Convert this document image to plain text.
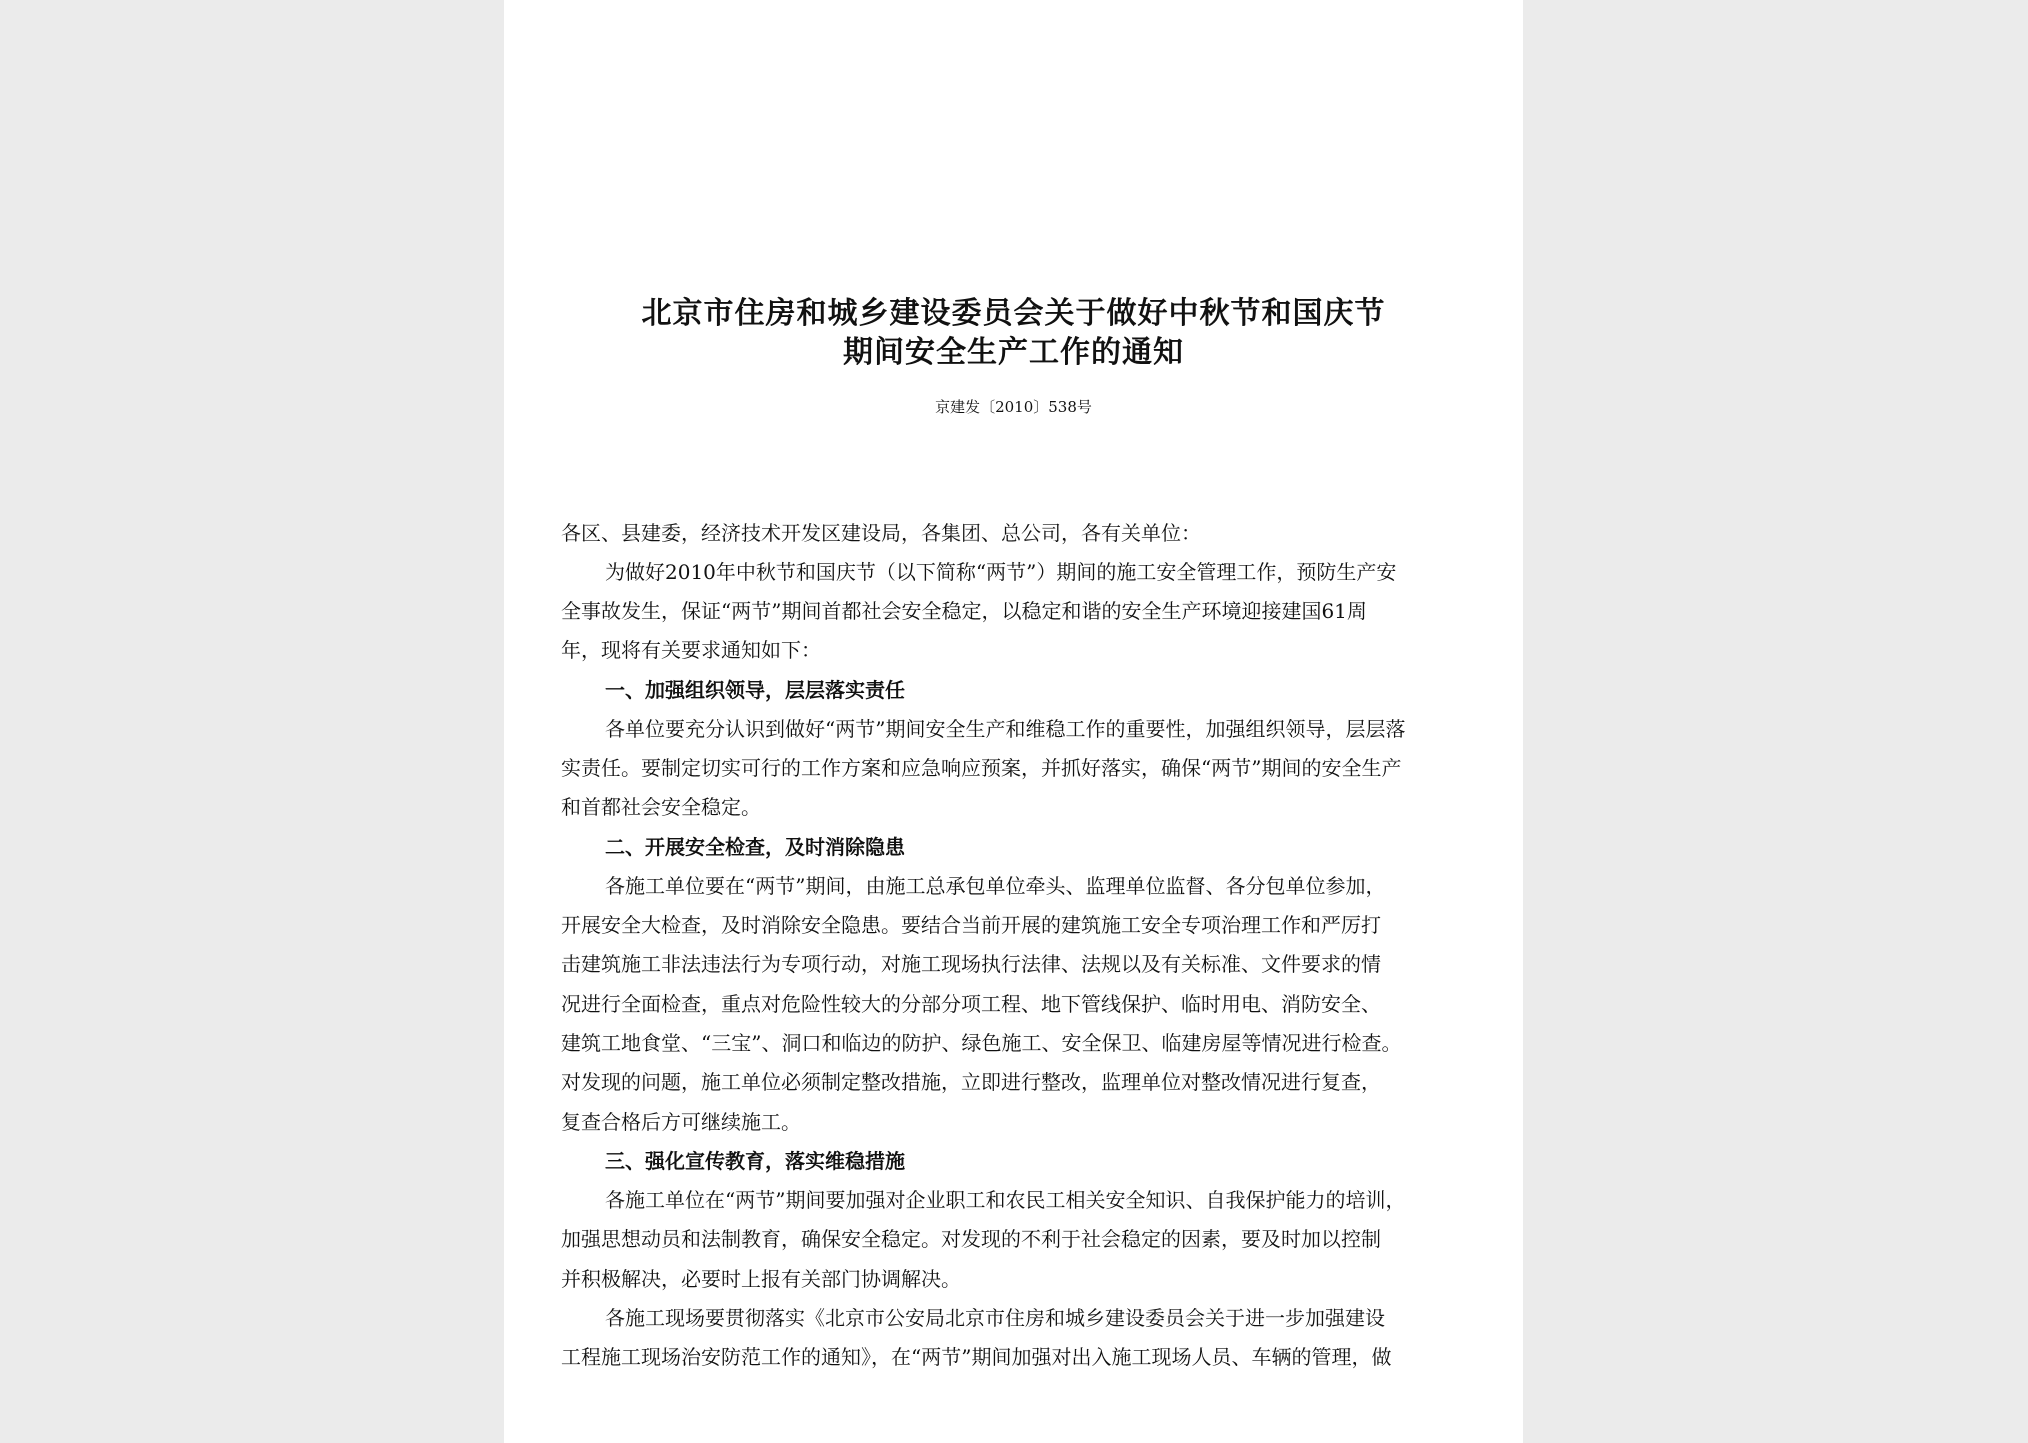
北京市住房和城乡建设委员会关于做好中秋节和国庆节
期间安全生产工作的通知
京建发〔2010〕538号
各区、县建委，经济技术开发区建设局，各集团、总公司，各有关单位：
为做好2010年中秋节和国庆节（以下简称“两节”）期间的施工安全管理工作，预防生产安
全事故发生，保证“两节”期间首都社会安全稳定，以稳定和谐的安全生产环境迎接建国61周
年，现将有关要求通知如下：
一、加强组织领导，层层落实责任
各单位要充分认识到做好“两节”期间安全生产和维稳工作的重要性，加强组织领导，层层落
实责任。要制定切实可行的工作方案和应急响应预案，并抓好落实，确保“两节”期间的安全生产
和首都社会安全稳定。
二、开展安全检查，及时消除隐患
各施工单位要在“两节”期间，由施工总承包单位牵头、监理单位监督、各分包单位参加，
开展安全大检查，及时消除安全隐患。要结合当前开展的建筑施工安全专项治理工作和严厉打
击建筑施工非法违法行为专项行动，对施工现场执行法律、法规以及有关标准、文件要求的情
况进行全面检查，重点对危险性较大的分部分项工程、地下管线保护、临时用电、消防安全、
建筑工地食堂、“三宝”、洞口和临边的防护、绿色施工、安全保卫、临建房屋等情况进行检查。
对发现的问题，施工单位必须制定整改措施，立即进行整改，监理单位对整改情况进行复查，
复查合格后方可继续施工。
三、强化宣传教育，落实维稳措施
各施工单位在“两节”期间要加强对企业职工和农民工相关安全知识、自我保护能力的培训，
加强思想动员和法制教育，确保安全稳定。对发现的不利于社会稳定的因素，要及时加以控制
并积极解决，必要时上报有关部门协调解决。
各施工现场要贯彻落实《北京市公安局北京市住房和城乡建设委员会关于进一步加强建设
工程施工现场治安防范工作的通知》，在“两节”期间加强对出入施工现场人员、车辆的管理，做
